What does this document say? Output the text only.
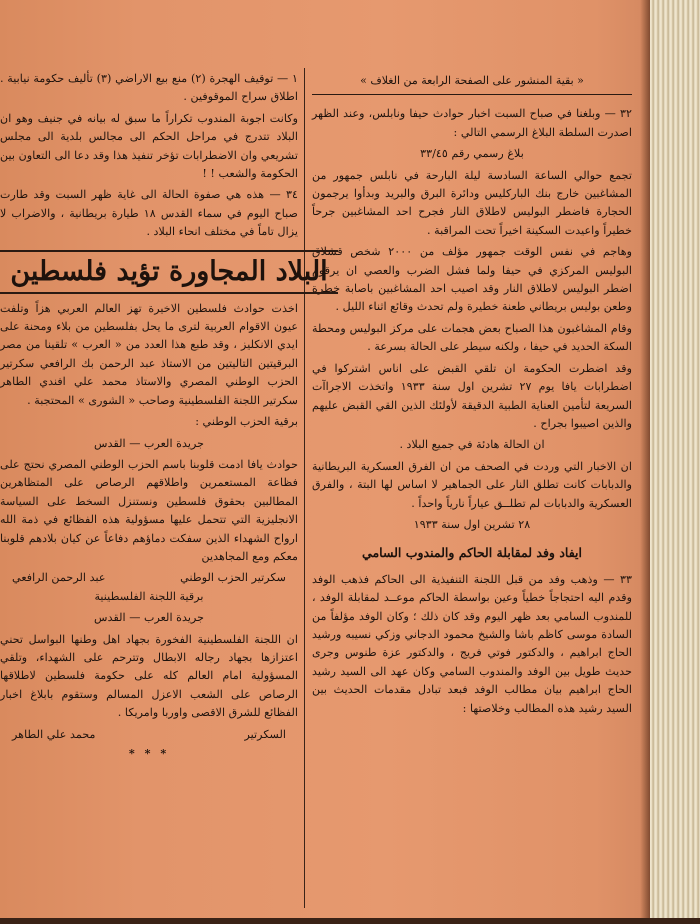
« بقية المنشور على الصفحة الرابعة من الغلاف »

٣٢ — وبلغنا في صباح السبت اخبار حوادث حيفا ونابلس، وعند الظهر اصدرت السلطة البلاغ الرسمي التالي :

بلاغ رسمي رقم ٣٣/٤٥

تجمع حوالي الساعة السادسة ليلة البارحة في نابلس جمهور من المشاغبين خارج بنك الباركليس ودائرة البرق والبريد وبدأوا يرجمون الحجارة فاضطر البوليس لاطلاق النار فجرح احد المشاغبين جرحاً خطيراً واعيدت السكينة اخيراً تحت المراقبة .

وهاجم في نفس الوقت جمهور مؤلف من ٢٠٠٠ شخص قشلاق البوليس المركزي في حيفا ولما فشل الضرب والعصي ان يرقوم اضطر البوليس لاطلاق النار وقد اصيب احد المشاغبين باصابة خطرة وطعن بوليس بريطاني طعنة خطيرة ولم تحدث وقائع اثناء الليل .

وقام المشاغبون هذا الصباح بعض هجمات على مركز البوليس ومحطة السكة الحديد في حيفا ، ولكنه سيطر على الحالة بسرعة .

وقد اضطرت الحكومة ان تلقي القبض على اناس اشتركوا في اضطرابات يافا يوم ٢٧ تشرين اول سنة ١٩٣٣ واتخذت الاجراآت السريعة لتأمين العناية الطبية الدقيقة لأولئك الذين القي القبض عليهم والذين اصيبوا بجراح .

ان الحالة هادئة في جميع البلاد .

ان الاخبار التي وردت في الصحف من ان الفرق العسكرية البريطانية والدبابات كانت تطلق النار على الجماهير لا اساس لها البتة ، والفرق العسكرية والدبابات لم تطلــق عياراً نارياً واحداً .

٢٨ تشرين اول سنة ١٩٣٣

ايفاد وفد لمقابلة الحاكم والمندوب السامي

٣٣ — وذهب وفد من قبل اللجنة التنفيذية الى الحاكم فذهب الوفد وقدم اليه احتجاجاً خطياً وعين بواسطة الحاكم موعــد لمقابلة الوفد ، للمندوب السامي بعد ظهر اليوم وقد كان ذلك ؛ وكان الوفد مؤلفاً من السادة موسى كاظم باشا والشيخ محمود الدجاني وزكي نسيبه ورشيد الحاج ابراهيم ، والدكتور فوتي فريج ، والدكتور عزة طنوس وجرى حديث طويل بين الوفد والمندوب السامي وكان عهد الى السيد رشيد الحاج ابراهيم بيان مطالب الوفد فبعد تبادل مقدمات الحديث بين السيد رشيد هذه المطالب وخلاصتها :

١ — توقيف الهجرة (٢) منع بيع الاراضي (٣) تأليف حكومة نيابية . اطلاق سراح الموقوفين .

وكانت اجوبة المندوب تكراراً ما سبق له بيانه في جنيف وهو ان البلاد تتدرج في مراحل الحكم الى مجالس بلدية الى مجلس تشريعي وان الاضطرابات تؤخر تنفيذ هذا وقد دعا الى التعاون بين الحكومة والشعب ! !

٣٤ — هذه هي صفوة الحالة الى غاية ظهر السبت وقد طارت صباح اليوم في سماء القدس ١٨ طيارة بريطانية ، والاضراب لا يزال تاماً في مختلف انحاء البلاد .

البلاد المجاورة تؤيد فلسطين

اخذت حوادث فلسطين الاخيرة تهز العالم العربي هزاً وتلفت عيون الاقوام العربية لترى ما يحل بفلسطين من بلاء ومحنة على ايدي الانكليز ، وقد طبع هذا العدد من « العرب » تلقينا من مصر البرقيتين التاليتين من الاستاذ عبد الرحمن بك الرافعي سكرتير الحزب الوطني المصري والاستاذ محمد علي افندي الطاهر سكرتير اللجنة الفلسطينية وصاحب « الشورى » المحتجبة .

برقية الحزب الوطني :

جريدة العرب — القدس

حوادث يافا ادمت قلوبنا باسم الحزب الوطني المصري نحتج على فظاعة المستعمرين واطلاقهم الرصاص على المتظاهرين المطالبين بحقوق فلسطين ونستنزل السخط على السياسة الانجليزية التي تتحمل عليها مسؤولية هذه الفظائع في ذمة الله ارواح الشهداء الذين سفكت دماؤهم دفاعاً عن كيان بلادهم قلوبنا معكم ومع المجاهدين

سكرتير الحزب الوطني
عبد الرحمن الرافعي

برقية اللجنة الفلسطينية

جريدة العرب — القدس

ان اللجنة الفلسطينية الفخورة بجهاد اهل وطنها البواسل تحني اعتزازها بجهاد رجاله الابطال وتترحم على الشهداء، وتلقي المسؤولية امام العالم كله على حكومة فلسطين لاطلاقها الرصاص على الشعب الاعزل المسالم وستقوم بابلاغ اخبار الفظائع للشرق الاقصى واوربا وامريكا .

السكرتير
محمد علي الطاهر
* * *
